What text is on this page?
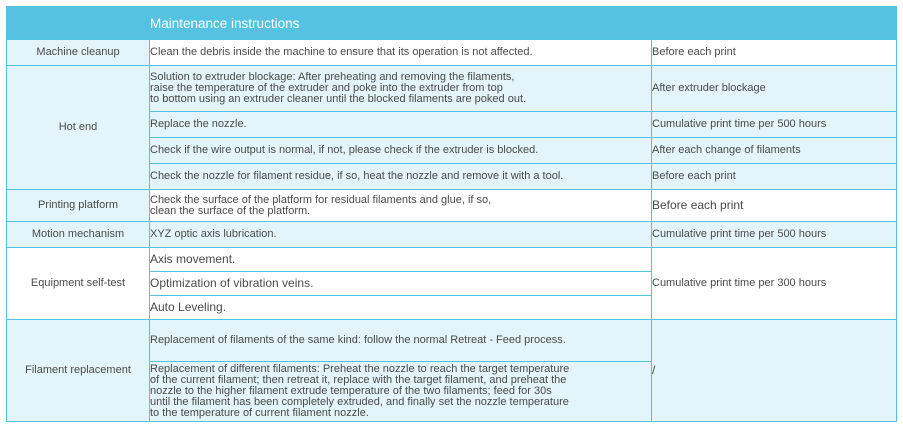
	Maintenance instructions	
Machine cleanup	Clean the debris inside the machine to ensure that its operation is not affected.	Before each print
Hot end	Solution to extruder blockage: After preheating and removing the filaments,
raise the temperature of the extruder and poke into the extruder from top
to bottom using an extruder cleaner until the blocked filaments are poked out.	After extruder blockage
	Replace the nozzle.	Cumulative print time per 500 hours
	Check if the wire output is normal, if not, please check if the extruder is blocked.	After each change of filaments
	Check the nozzle for filament residue, if so, heat the nozzle and remove it with a tool.	Before each print
Printing platform	Check the surface of the platform for residual filaments and glue, if so,
clean the surface of the platform.	Before each print
Motion mechanism	XYZ optic axis lubrication.	Cumulative print time per 500 hours
Equipment self-test	Axis movement.	Cumulative print time per 300 hours
	Optimization of vibration veins.	
	Auto Leveling.	
Filament replacement	Replacement of filaments of the same kind: follow the normal Retreat - Feed process.	/

	Replacement of different filaments: Preheat the nozzle to reach the target temperature
of the current filament; then retreat it, replace with the target filament, and preheat the
nozzle to the higher filament extrude temperature of the two filaments; feed for 30s
until the filament has been completely extruded, and finally set the nozzle temperature
to the temperature of current filament nozzle.	
